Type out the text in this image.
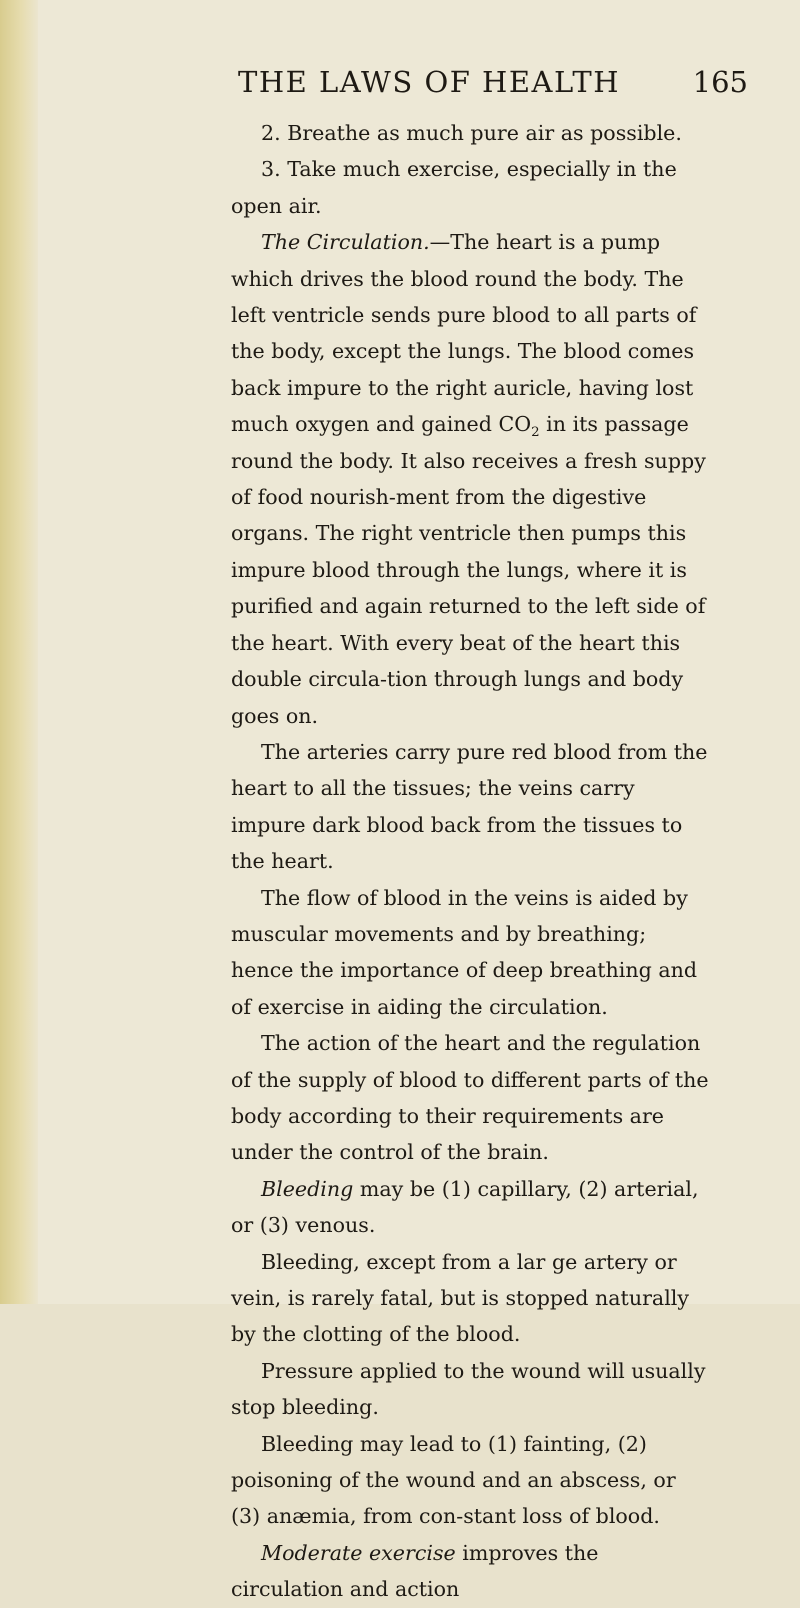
THE LAWS OF HEALTH	165

2. Breathe as much pure air as possible.

3. Take much exercise, especially in the open air.

The Circulation.—The heart is a pump which drives the blood round the body. The left ventricle sends pure blood to all parts of the body, except the lungs. The blood comes back impure to the right auricle, having lost much oxygen and gained $CO_2$ in its passage round the body. It also receives a fresh suppy of food nourish-ment from the digestive organs. The right ventricle then pumps this impure blood through the lungs, where it is purified and again returned to the left side of the heart. With every beat of the heart this double circula-tion through lungs and body goes on.

The arteries carry pure red blood from the heart to all the tissues; the veins carry impure dark blood back from the tissues to the heart.

The flow of blood in the veins is aided by muscular movements and by breathing; hence the importance of deep breathing and of exercise in aiding the circulation.

The action of the heart and the regulation of the supply of blood to different parts of the body according to their requirements are under the control of the brain.

Bleeding may be (1) capillary, (2) arterial, or (3) venous.

Bleeding, except from a lar ge artery or vein, is rarely fatal, but is stopped naturally by the clotting of the blood.

Pressure applied to the wound will usually stop bleeding.

Bleeding may lead to (1) fainting, (2) poisoning of the wound and an abscess, or (3) anæmia, from con-stant loss of blood.

Moderate exercise improves the circulation and action
